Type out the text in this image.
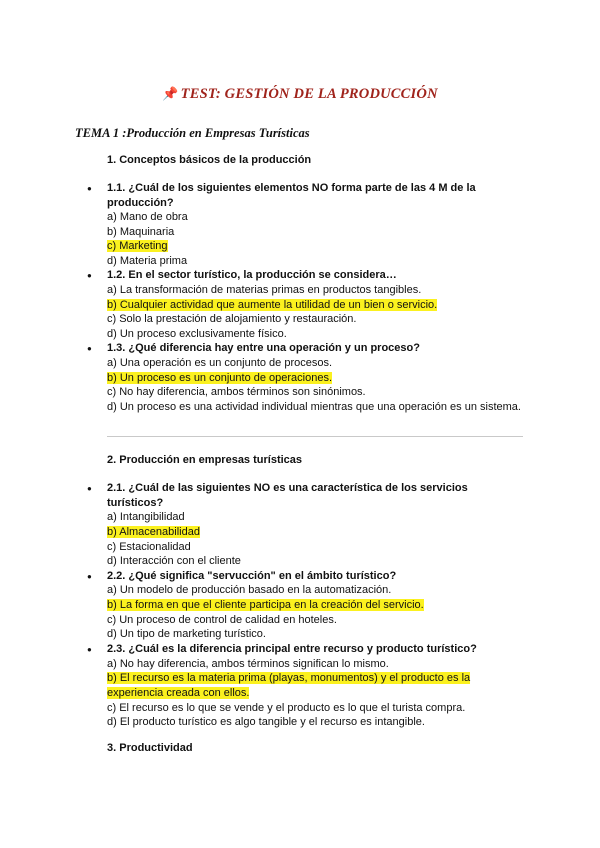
📌 TEST: GESTIÓN DE LA PRODUCCIÓN
TEMA 1 :Producción en Empresas Turísticas
1. Conceptos básicos de la producción
● 1.1. ¿Cuál de los siguientes elementos NO forma parte de las 4 M de la producción?
a) Mano de obra
b) Maquinaria
c) Marketing
d) Materia prima
● 1.2. En el sector turístico, la producción se considera…
a) La transformación de materias primas en productos tangibles.
b) Cualquier actividad que aumente la utilidad de un bien o servicio.
c) Solo la prestación de alojamiento y restauración.
d) Un proceso exclusivamente físico.
● 1.3. ¿Qué diferencia hay entre una operación y un proceso?
a) Una operación es un conjunto de procesos.
b) Un proceso es un conjunto de operaciones.
c) No hay diferencia, ambos términos son sinónimos.
d) Un proceso es una actividad individual mientras que una operación es un sistema.
2. Producción en empresas turísticas
● 2.1. ¿Cuál de las siguientes NO es una característica de los servicios turísticos?
a) Intangibilidad
b) Almacenabilidad
c) Estacionalidad
d) Interacción con el cliente
● 2.2. ¿Qué significa "servucción" en el ámbito turístico?
a) Un modelo de producción basado en la automatización.
b) La forma en que el cliente participa en la creación del servicio.
c) Un proceso de control de calidad en hoteles.
d) Un tipo de marketing turístico.
● 2.3. ¿Cuál es la diferencia principal entre recurso y producto turístico?
a) No hay diferencia, ambos términos significan lo mismo.
b) El recurso es la materia prima (playas, monumentos) y el producto es la experiencia creada con ellos.
c) El recurso es lo que se vende y el producto es lo que el turista compra.
d) El producto turístico es algo tangible y el recurso es intangible.
3. Productividad
